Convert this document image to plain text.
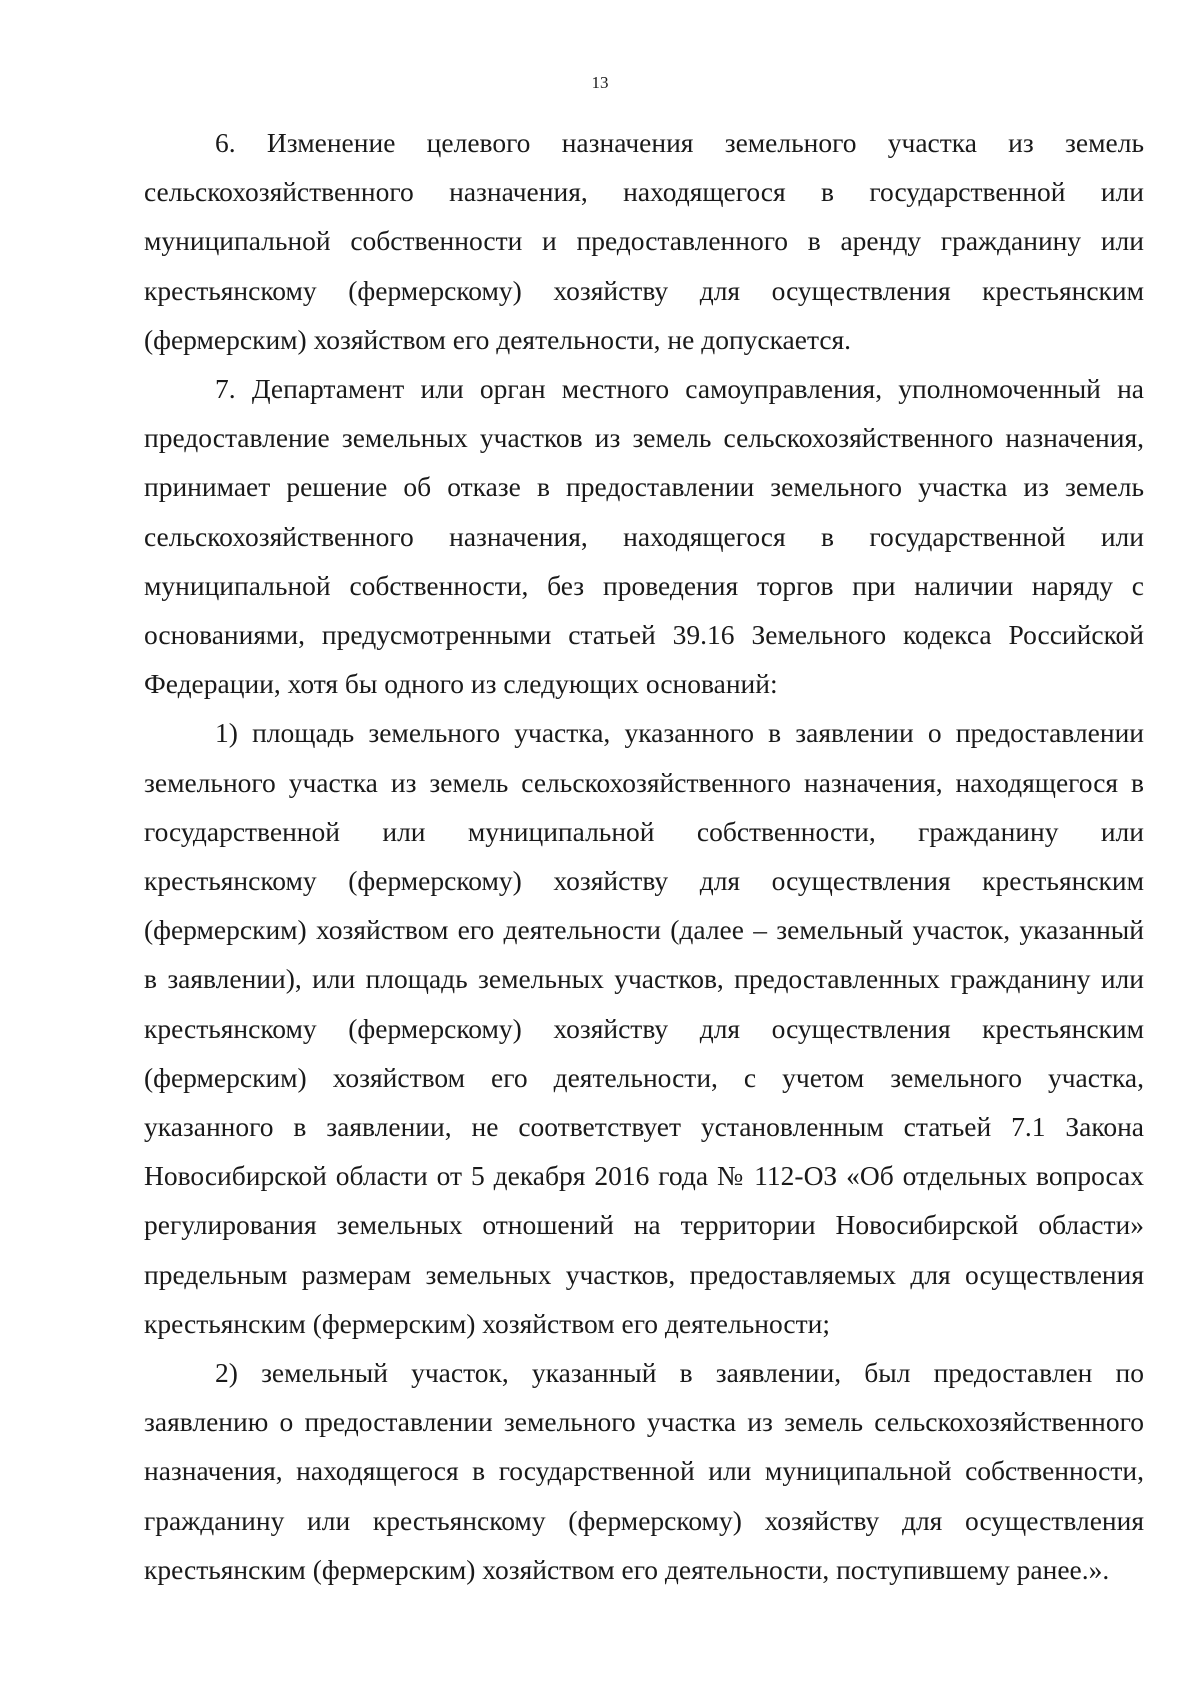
13

6. Изменение целевого назначения земельного участка из земель сельскохозяйственного назначения, находящегося в государственной или муниципальной собственности и предоставленного в аренду гражданину или крестьянскому (фермерскому) хозяйству для осуществления крестьянским (фермерским) хозяйством его деятельности, не допускается.

7. Департамент или орган местного самоуправления, уполномоченный на предоставление земельных участков из земель сельскохозяйственного назначения, принимает решение об отказе в предоставлении земельного участка из земель сельскохозяйственного назначения, находящегося в государственной или муниципальной собственности, без проведения торгов при наличии наряду с основаниями, предусмотренными статьей 39.16 Земельного кодекса Российской Федерации, хотя бы одного из следующих оснований:

1) площадь земельного участка, указанного в заявлении о предоставлении земельного участка из земель сельскохозяйственного назначения, находящегося в государственной или муниципальной собственности, гражданину или крестьянскому (фермерскому) хозяйству для осуществления крестьянским (фермерским) хозяйством его деятельности (далее – земельный участок, указанный в заявлении), или площадь земельных участков, предоставленных гражданину или крестьянскому (фермерскому) хозяйству для осуществления крестьянским (фермерским) хозяйством его деятельности, с учетом земельного участка, указанного в заявлении, не соответствует установленным статьей 7.1 Закона Новосибирской области от 5 декабря 2016 года № 112-ОЗ «Об отдельных вопросах регулирования земельных отношений на территории Новосибирской области» предельным размерам земельных участков, предоставляемых для осуществления крестьянским (фермерским) хозяйством его деятельности;

2) земельный участок, указанный в заявлении, был предоставлен по заявлению о предоставлении земельного участка из земель сельскохозяйственного назначения, находящегося в государственной или муниципальной собственности, гражданину или крестьянскому (фермерскому) хозяйству для осуществления крестьянским (фермерским) хозяйством его деятельности, поступившему ранее.».
